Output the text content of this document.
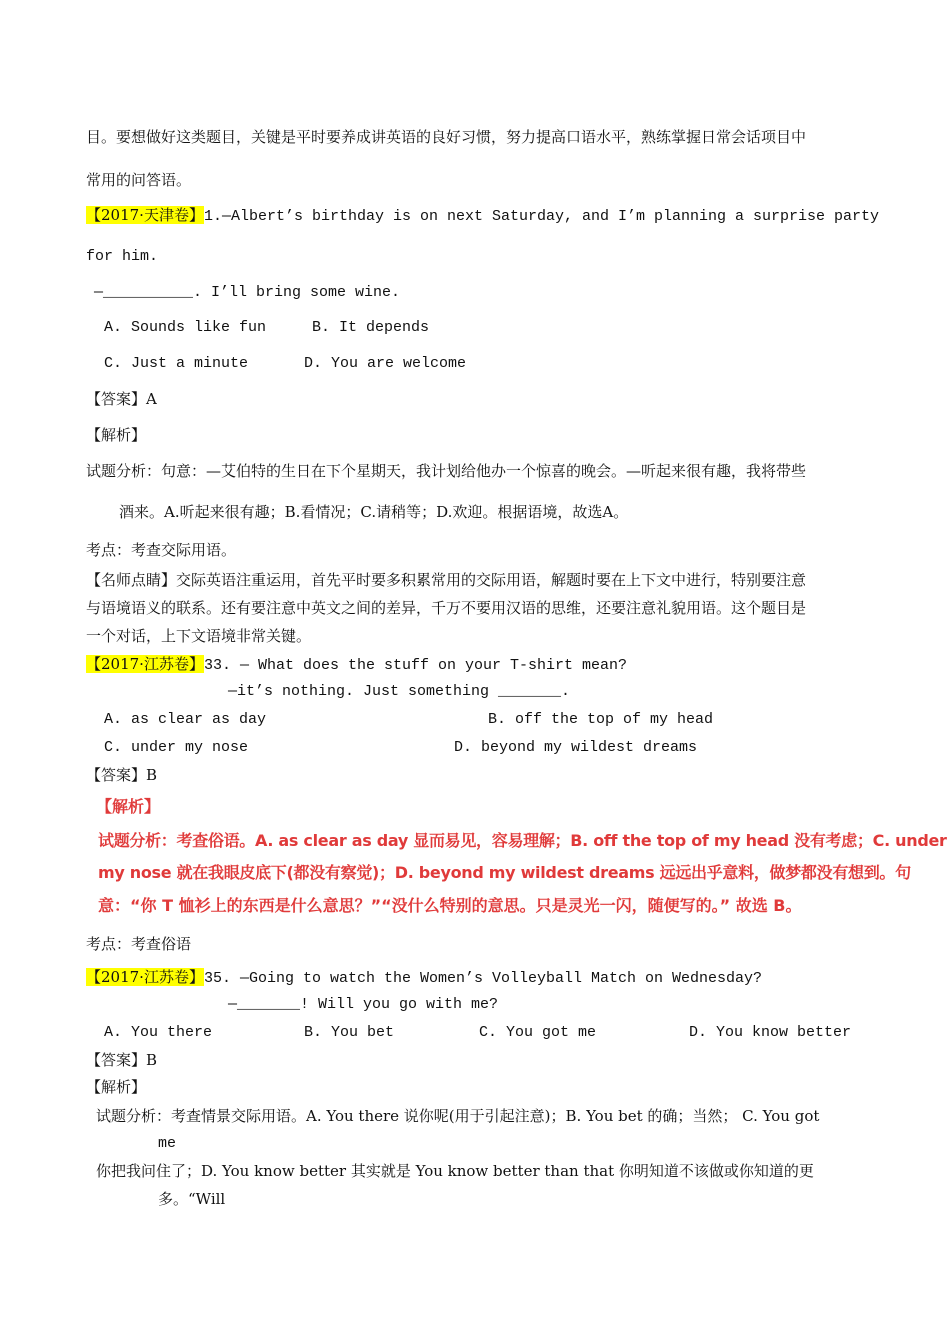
目。要想做好这类题目，关键是平时要养成讲英语的良好习惯，努力提高口语水平，熟练掌握日常会话项目中
常用的问答语。
【2017·天津卷】1.—Albert’s birthday is on next Saturday, and I’m planning a surprise party
for him.
—__________. I’ll bring some wine.
A. Sounds like fun	B. It depends
C. Just a minute	D. You are welcome
【答案】A
【解析】
试题分析：句意：—艾伯特的生日在下个星期天，我计划给他办一个惊喜的晚会。—听起来很有趣，我将带些
酒来。A.听起来很有趣；B.看情况；C.请稍等；D.欢迎。根据语境，故选A。
考点：考查交际用语。
【名师点睛】交际英语注重运用，首先平时要多积累常用的交际用语，解题时要在上下文中进行，特别要注意
与语境语义的联系。还有要注意中英文之间的差异，千万不要用汉语的思维，还要注意礼貌用语。这个题目是
一个对话，上下文语境非常关键。
【2017·江苏卷】33. — What does the stuff on your T-shirt mean?
—it’s nothing. Just something _______.
A. as clear as day	B. off the top of my head
C. under my nose	D. beyond my wildest dreams
【答案】B
【解析】
试题分析：考查俗语。A. as clear as day 显而易见，容易理解；B. off the top of my head 没有考虑；C. under
my nose 就在我眼皮底下(都没有察觉)；D. beyond my wildest dreams 远远出乎意料，做梦都没有想到。句
意：“你 T 恤衫上的东西是什么意思？”“没什么特别的意思。只是灵光一闪，随便写的。” 故选 B。
考点：考查俗语
【2017·江苏卷】35. —Going to watch the Women’s Volleyball Match on Wednesday?
—_______! Will you go with me?
A. You there	B. You bet	C. You got me	D. You know better
【答案】B
【解析】
试题分析：考查情景交际用语。A. You there 说你呢(用于引起注意)；B. You bet 的确；当然； C. You got
me
你把我问住了；D. You know better 其实就是 You know better than that 你明知道不该做或你知道的更
多。“Will
